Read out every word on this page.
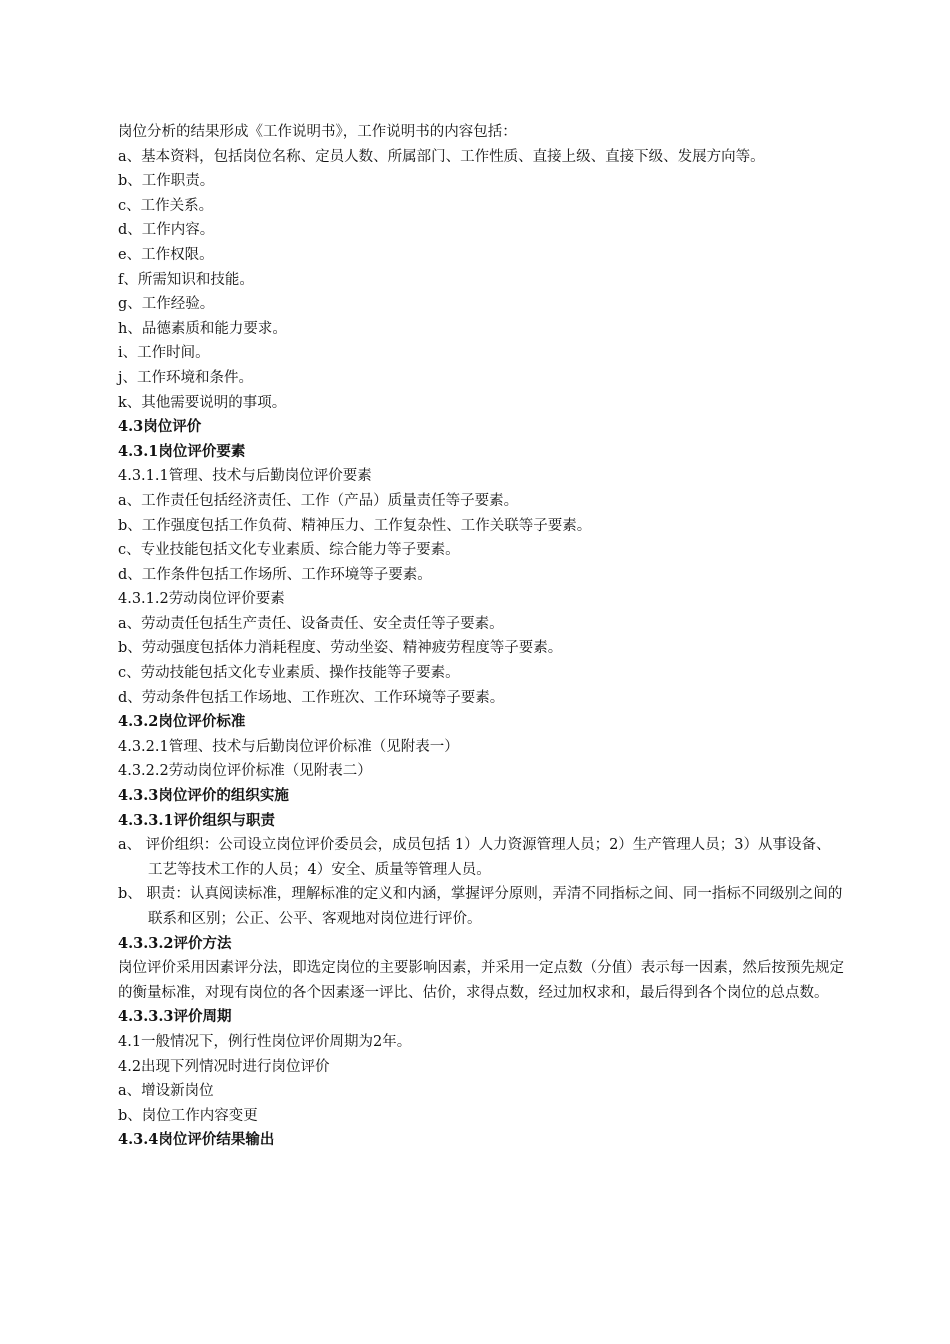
岗位分析的结果形成《工作说明书》，工作说明书的内容包括：
a、基本资料，包括岗位名称、定员人数、所属部门、工作性质、直接上级、直接下级、发展方向等。
b、工作职责。
c、工作关系。
d、工作内容。
e、工作权限。
f、所需知识和技能。
g、工作经验。
h、品德素质和能力要求。
i、工作时间。
j、工作环境和条件。
k、其他需要说明的事项。
4.3岗位评价
4.3.1岗位评价要素
4.3.1.1管理、技术与后勤岗位评价要素
a、工作责任包括经济责任、工作（产品）质量责任等子要素。
b、工作强度包括工作负荷、精神压力、工作复杂性、工作关联等子要素。
c、专业技能包括文化专业素质、综合能力等子要素。
d、工作条件包括工作场所、工作环境等子要素。
4.3.1.2劳动岗位评价要素
a、劳动责任包括生产责任、设备责任、安全责任等子要素。
b、劳动强度包括体力消耗程度、劳动坐姿、精神疲劳程度等子要素。
c、劳动技能包括文化专业素质、操作技能等子要素。
d、劳动条件包括工作场地、工作班次、工作环境等子要素。
4.3.2岗位评价标准
4.3.2.1管理、技术与后勤岗位评价标准（见附表一）
4.3.2.2劳动岗位评价标准（见附表二）
4.3.3岗位评价的组织实施
4.3.3.1评价组织与职责
a、 评价组织：公司设立岗位评价委员会，成员包括 1）人力资源管理人员；2）生产管理人员；3）从事设备、工艺等技术工作的人员；4）安全、质量等管理人员。
b、 职责：认真阅读标准，理解标准的定义和内涵，掌握评分原则，弄清不同指标之间、同一指标不同级别之间的联系和区别；公正、公平、客观地对岗位进行评价。
4.3.3.2评价方法
岗位评价采用因素评分法，即选定岗位的主要影响因素，并采用一定点数（分值）表示每一因素，然后按预先规定的衡量标准，对现有岗位的各个因素逐一评比、估价，求得点数，经过加权求和，最后得到各个岗位的总点数。
4.3.3.3评价周期
4.1一般情况下，例行性岗位评价周期为2年。
4.2出现下列情况时进行岗位评价
a、增设新岗位
b、岗位工作内容变更
4.3.4岗位评价结果输出
